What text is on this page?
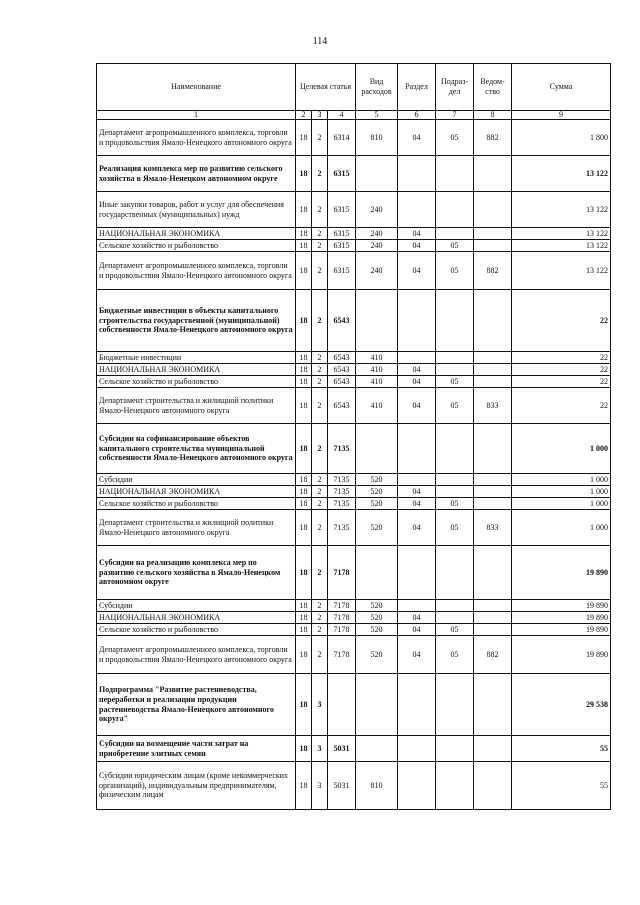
114
Наименование	Целевая статья			Вид расходов	Раздел	Подраз-дел	Ведом-ство	Сумма
1	2	3	4	5	6	7	8	9
Департамент агропромышленного комплекса, торговли и продовольствия Ямало-Ненецкого автономного округа	18	2	6314	810	04	05	882	1 800
Реализация комплекса мер по развитию сельского хозяйства в Ямало-Ненецком автономном округе	18	2	6315					13 122
Иные закупки товаров, работ и услуг для обеспечения государственных (муниципальных) нужд	18	2	6315	240				13 122
НАЦИОНАЛЬНАЯ ЭКОНОМИКА	18	2	6315	240	04			13 122
Сельское хозяйство и рыболовство	18	2	6315	240	04	05		13 122
Департамент агропромышленного комплекса, торговли и продовольствия Ямало-Ненецкого автономного округа	18	2	6315	240	04	05	882	13 122
Бюджетные инвестиции в объекты капитального строительства государственной (муниципальной) собственности Ямало-Ненецкого автономного округа	18	2	6543					22
Бюджетные инвестиции	18	2	6543	410				22
НАЦИОНАЛЬНАЯ ЭКОНОМИКА	18	2	6543	410	04			22
Сельское хозяйство и рыболовство	18	2	6543	410	04	05		22
Департамент строительства и жилищной политики Ямало-Ненецкого автономного округа	18	2	6543	410	04	05	833	22
Субсидии на софинансирование объектов капитального строительства муниципальной собственности Ямало-Ненецкого автономного округа	18	2	7135					1 000
Субсидии	18	2	7135	520				1 000
НАЦИОНАЛЬНАЯ ЭКОНОМИКА	18	2	7135	520	04			1 000
Сельское хозяйство и рыболовство	18	2	7135	520	04	05		1 000
Департамент строительства и жилищной политики Ямало-Ненецкого автономного округа	18	2	7135	520	04	05	833	1 000
Субсидии на реализацию комплекса мер по развитию сельского хозяйства в Ямало-Ненецком автономном округе	18	2	7178					19 890
Субсидии	18	2	7178	520				19 890
НАЦИОНАЛЬНАЯ ЭКОНОМИКА	18	2	7178	520	04			19 890
Сельское хозяйство и рыболовство	18	2	7178	520	04	05		19 890
Департамент агропромышленного комплекса, торговли и продовольствия Ямало-Ненецкого автономного округа	18	2	7178	520	04	05	882	19 890
Подпрограмма "Развитие растениеводства, переработки и реализации продукции растениеводства Ямало-Ненецкого автономного округа"	18	3						29 538
Субсидии на возмещение части затрат на приобретение элитных семян	18	3	5031					55
Субсидии юридическим лицам (кроме некоммерческих организаций), индивидуальным предпринимателям, физическим лицам	18	3	5031	810				55
